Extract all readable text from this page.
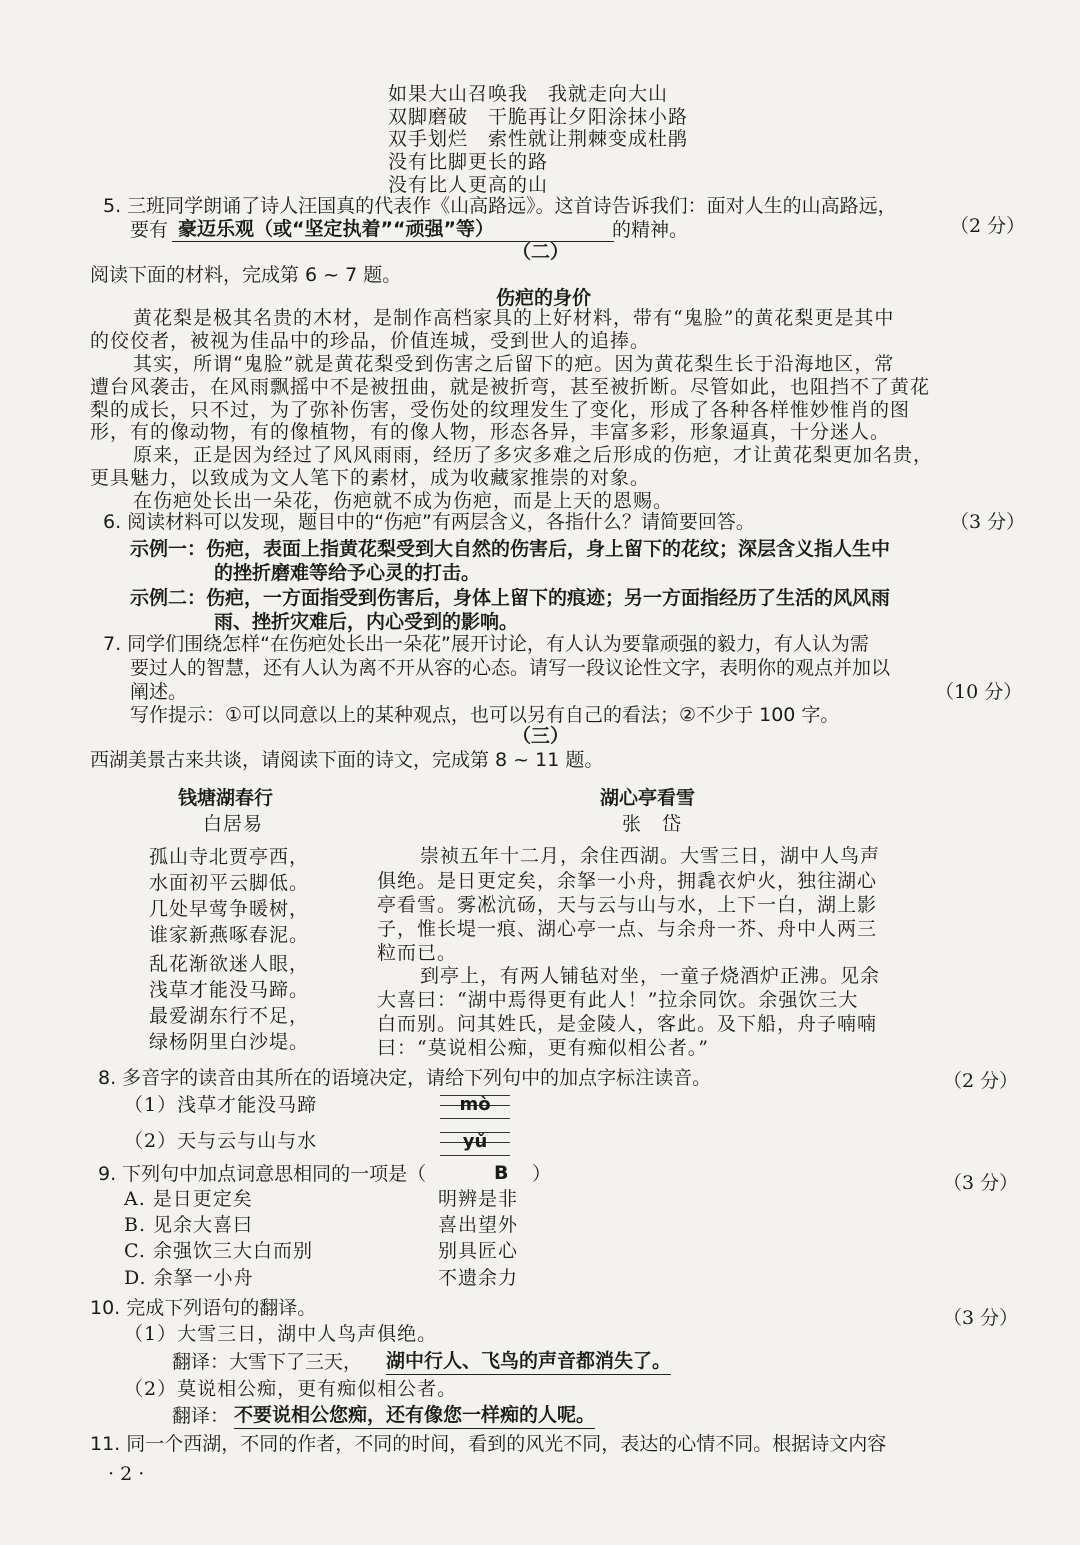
如果大山召唤我　我就走向大山
双脚磨破　干脆再让夕阳涂抹小路
双手划烂　索性就让荆棘变成杜鹃
没有比脚更长的路
没有比人更高的山
5. 三班同学朗诵了诗人汪国真的代表作《山高路远》。这首诗告诉我们：面对人生的山高路远，
要有 豪迈乐观（或“坚定执着”“顽强”等）	的精神。	（2 分）
（二）
阅读下面的材料，完成第 6 ~ 7 题。
伤疤的身价
黄花梨是极其名贵的木材，是制作高档家具的上好材料，带有“鬼脸”的黄花梨更是其中
的佼佼者，被视为佳品中的珍品，价值连城，受到世人的追捧。
其实，所谓“鬼脸”就是黄花梨受到伤害之后留下的疤。因为黄花梨生长于沿海地区，常
遭台风袭击，在风雨飘摇中不是被扭曲，就是被折弯，甚至被折断。尽管如此，也阻挡不了黄花
梨的成长，只不过，为了弥补伤害，受伤处的纹理发生了变化，形成了各种各样惟妙惟肖的图
形，有的像动物，有的像植物，有的像人物，形态各异，丰富多彩，形象逼真，十分迷人。
原来，正是因为经过了风风雨雨，经历了多灾多难之后形成的伤疤，才让黄花梨更加名贵，
更具魅力，以致成为文人笔下的素材，成为收藏家推崇的对象。
在伤疤处长出一朵花，伤疤就不成为伤疤，而是上天的恩赐。
6. 阅读材料可以发现，题目中的“伤疤”有两层含义，各指什么？请简要回答。	（3 分）
示例一：伤疤，表面上指黄花梨受到大自然的伤害后，身上留下的花纹；深层含义指人生中
的挫折磨难等给予心灵的打击。
示例二：伤疤，一方面指受到伤害后，身体上留下的痕迹；另一方面指经历了生活的风风雨
雨、挫折灾难后，内心受到的影响。
7. 同学们围绕怎样“在伤疤处长出一朵花”展开讨论，有人认为要靠顽强的毅力，有人认为需
要过人的智慧，还有人认为离不开从容的心态。请写一段议论性文字，表明你的观点并加以
阐述。	（10 分）
写作提示：①可以同意以上的某种观点，也可以另有自己的看法；②不少于 100 字。
（三）
西湖美景古来共谈，请阅读下面的诗文，完成第 8 ~ 11 题。
钱塘湖春行
白居易
孤山寺北贾亭西，
水面初平云脚低。
几处早莺争暖树，
谁家新燕啄春泥。
乱花渐欲迷人眼，
浅草才能没马蹄。
最爱湖东行不足，
绿杨阴里白沙堤。
湖心亭看雪
张　岱
崇祯五年十二月，余住西湖。大雪三日，湖中人鸟声
俱绝。是日更定矣，余拏一小舟，拥毳衣炉火，独往湖心
亭看雪。雾凇沆砀，天与云与山与水，上下一白，湖上影
子，惟长堤一痕、湖心亭一点、与余舟一芥、舟中人两三
粒而已。
到亭上，有两人铺毡对坐，一童子烧酒炉正沸。见余
大喜曰：“湖中焉得更有此人！”拉余同饮。余强饮三大
白而别。问其姓氏，是金陵人，客此。及下船，舟子喃喃
曰：“莫说相公痴，更有痴似相公者。”
8. 多音字的读音由其所在的语境决定，请给下列句中的加点字标注读音。	（2 分）
（1）浅草才能没马蹄	mò
（2）天与云与山与水	yǔ
9. 下列句中加点词意思相同的一项是（	B ）	（3 分）
A. 是日更定矣	明辨是非
B. 见余大喜曰	喜出望外
C. 余强饮三大白而别	别具匠心
D. 余拏一小舟	不遗余力
10. 完成下列语句的翻译。	（3 分）
（1）大雪三日，湖中人鸟声俱绝。
翻译：大雪下了三天， 湖中行人、飞鸟的声音都消失了。
（2）莫说相公痴，更有痴似相公者。
翻译： 不要说相公您痴，还有像您一样痴的人呢。
11. 同一个西湖，不同的作者，不同的时间，看到的风光不同，表达的心情不同。根据诗文内容
· 2 ·
